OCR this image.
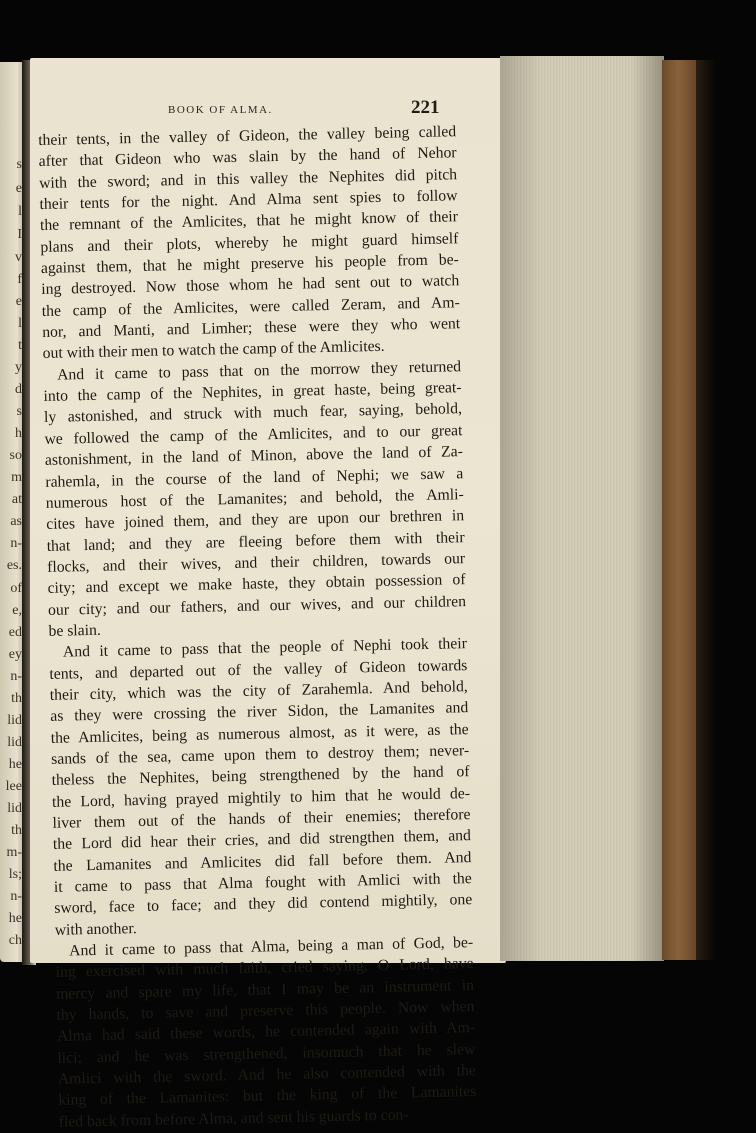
s
e
l
I
v
f
e
l
t
y
d
s
h
so
m
at
as
n-
es.
of
e,
ed
ey
n-
th
lid
lid
he
lee
lid
th
m-
ls;
n-
he
ch
BOOK OF ALMA.	221
their tents, in the valley of Gideon, the valley being called
after that Gideon who was slain by the hand of Nehor
with the sword; and in this valley the Nephites did pitch
their tents for the night. And Alma sent spies to follow
the remnant of the Amlicites, that he might know of their
plans and their plots, whereby he might guard himself
against them, that he might preserve his people from be-
ing destroyed. Now those whom he had sent out to watch
the camp of the Amlicites, were called Zeram, and Am-
nor, and Manti, and Limher; these were they who went
out with their men to watch the camp of the Amlicites.
And it came to pass that on the morrow they returned
into the camp of the Nephites, in great haste, being great-
ly astonished, and struck with much fear, saying, behold,
we followed the camp of the Amlicites, and to our great
astonishment, in the land of Minon, above the land of Za-
rahemla, in the course of the land of Nephi; we saw a
numerous host of the Lamanites; and behold, the Amli-
cites have joined them, and they are upon our brethren in
that land; and they are fleeing before them with their
flocks, and their wives, and their children, towards our
city; and except we make haste, they obtain possession of
our city; and our fathers, and our wives, and our children
be slain.
And it came to pass that the people of Nephi took their
tents, and departed out of the valley of Gideon towards
their city, which was the city of Zarahemla. And behold,
as they were crossing the river Sidon, the Lamanites and
the Amlicites, being as numerous almost, as it were, as the
sands of the sea, came upon them to destroy them; never-
theless the Nephites, being strengthened by the hand of
the Lord, having prayed mightily to him that he would de-
liver them out of the hands of their enemies; therefore
the Lord did hear their cries, and did strengthen them, and
the Lamanites and Amlicites did fall before them. And
it came to pass that Alma fought with Amlici with the
sword, face to face; and they did contend mightily, one
with another.
And it came to pass that Alma, being a man of God, be-
ing exercised with much faith, cried saying, O Lord, have
mercy and spare my life, that I may be an instrument in
thy hands, to save and preserve this people. Now when
Alma had said these words, he contended again with Am-
lici; and he was strengthened, insomuch that he slew
Amlici with the sword. And he also contended with the
king of the Lamanites: but the king of the Lamanites
fled back from before Alma, and sent his guards to con-
